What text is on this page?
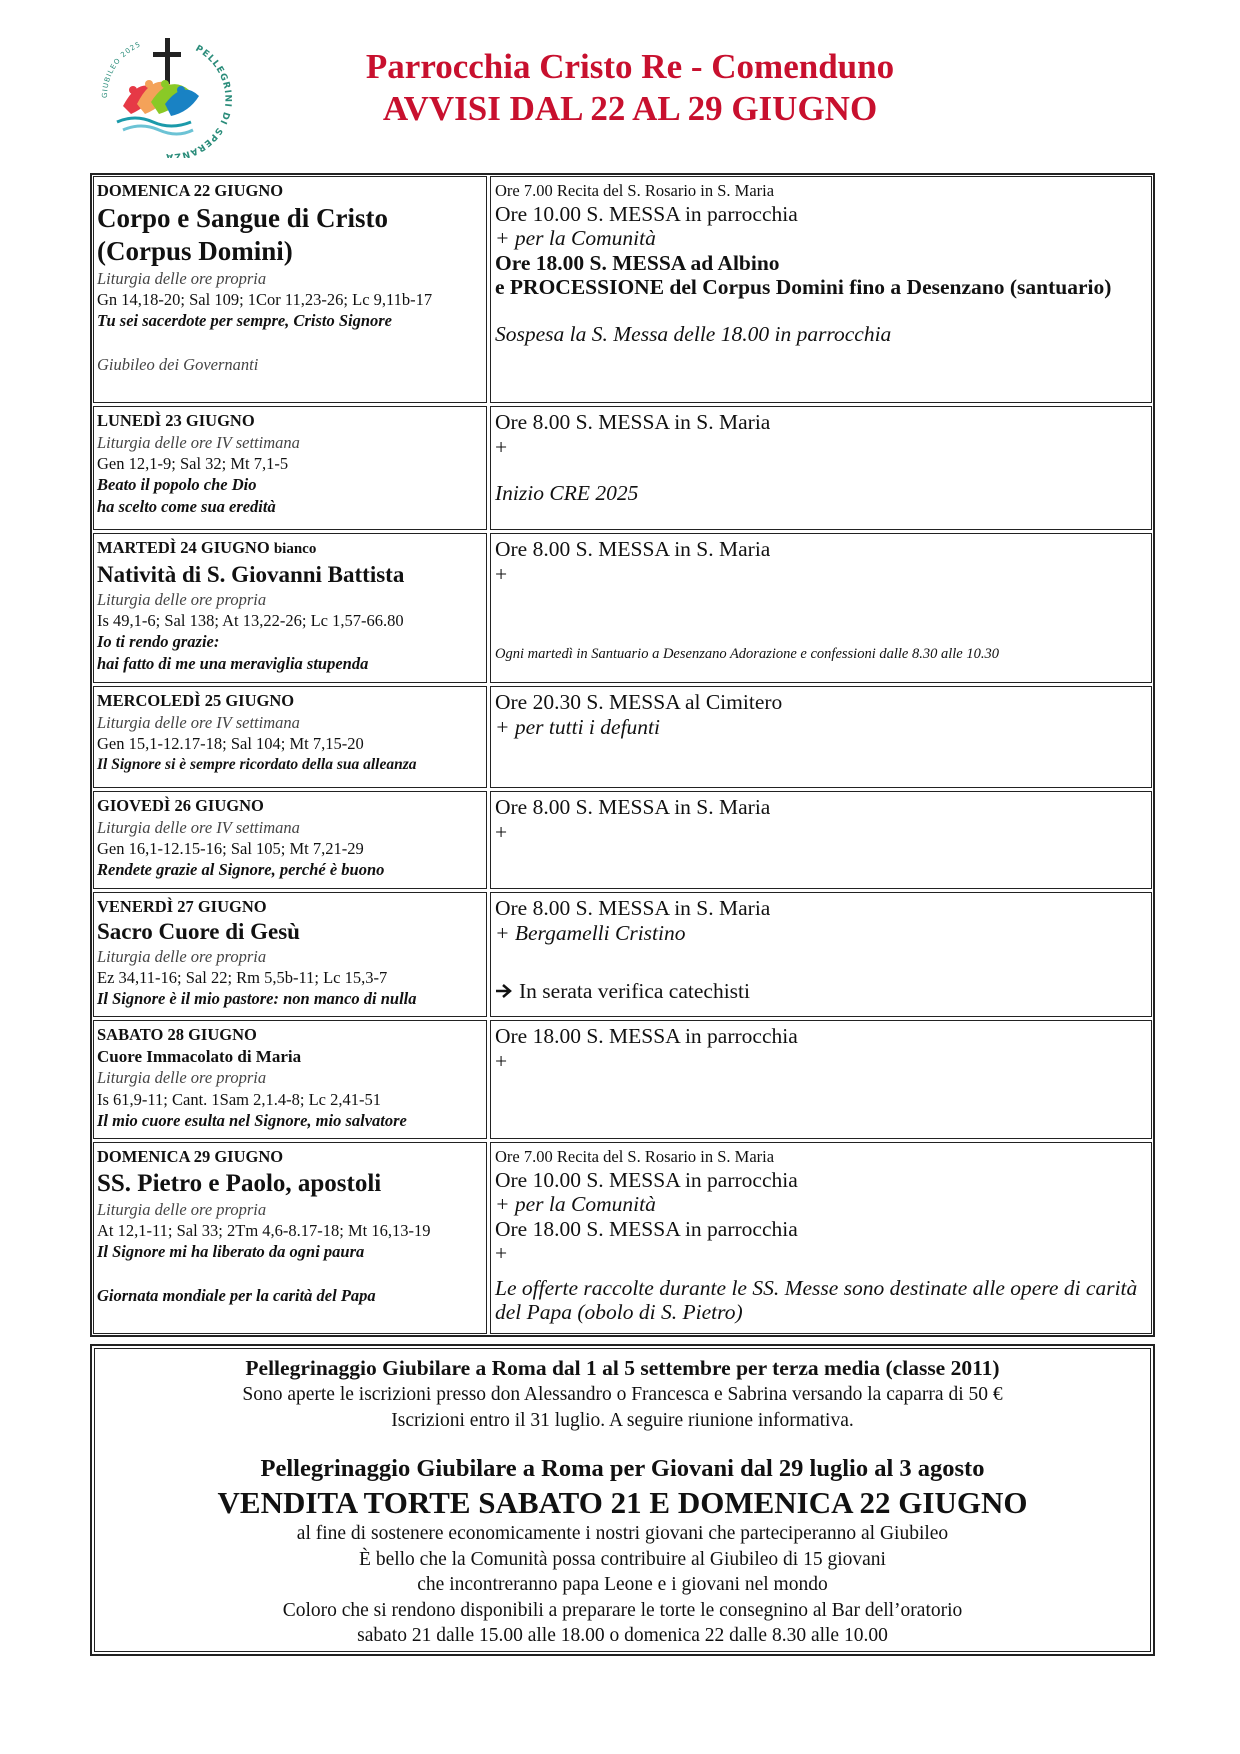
GIUBILEO 2025	PELLEGRINI DI SPERANZA
Parrocchia Cristo Re - Comenduno
AVVISI DAL 22 AL 29 GIUGNO
DOMENICA 22 GIUGNO
Corpo e Sangue di Cristo
(Corpus Domini)
Liturgia delle ore propria
Gn 14,18-20; Sal 109; 1Cor 11,23-26; Lc 9,11b-17
Tu sei sacerdote per sempre, Cristo Signore
Giubileo dei Governanti
Ore 7.00 Recita del S. Rosario in S. Maria
Ore 10.00 S. MESSA in parrocchia
+ per la Comunità
Ore 18.00 S. MESSA ad Albino
e PROCESSIONE del Corpus Domini fino a Desenzano (santuario)
Sospesa la S. Messa delle 18.00 in parrocchia
LUNEDÌ 23 GIUGNO
Liturgia delle ore IV settimana
Gen 12,1-9; Sal 32; Mt 7,1-5
Beato il popolo che Dio
ha scelto come sua eredità
Ore 8.00 S. MESSA in S. Maria
+
Inizio CRE 2025
MARTEDÌ 24 GIUGNO bianco
Natività di S. Giovanni Battista
Liturgia delle ore propria
Is 49,1-6; Sal 138; At 13,22-26; Lc 1,57-66.80
Io ti rendo grazie:
hai fatto di me una meraviglia stupenda
Ore 8.00 S. MESSA in S. Maria
+
Ogni martedì in Santuario a Desenzano Adorazione e confessioni dalle 8.30 alle 10.30
MERCOLEDÌ 25 GIUGNO
Liturgia delle ore IV settimana
Gen 15,1-12.17-18; Sal 104; Mt 7,15-20
Il Signore si è sempre ricordato della sua alleanza
Ore 20.30 S. MESSA al Cimitero
+ per tutti i defunti
GIOVEDÌ 26 GIUGNO
Liturgia delle ore IV settimana
Gen 16,1-12.15-16; Sal 105; Mt 7,21-29
Rendete grazie al Signore, perché è buono
Ore 8.00 S. MESSA in S. Maria
+
VENERDÌ 27 GIUGNO
Sacro Cuore di Gesù
Liturgia delle ore propria
Ez 34,11-16; Sal 22; Rm 5,5b-11; Lc 15,3-7
Il Signore è il mio pastore: non manco di nulla
Ore 8.00 S. MESSA in S. Maria
+ Bergamelli Cristino
In serata verifica catechisti
SABATO 28 GIUGNO
Cuore Immacolato di Maria
Liturgia delle ore propria
Is 61,9-11; Cant. 1Sam 2,1.4-8; Lc 2,41-51
Il mio cuore esulta nel Signore, mio salvatore
Ore 18.00 S. MESSA in parrocchia
+
DOMENICA 29 GIUGNO
SS. Pietro e Paolo, apostoli
Liturgia delle ore propria
At 12,1-11; Sal 33; 2Tm 4,6-8.17-18; Mt 16,13-19
Il Signore mi ha liberato da ogni paura
Giornata mondiale per la carità del Papa
Ore 7.00 Recita del S. Rosario in S. Maria
Ore 10.00 S. MESSA in parrocchia
+ per la Comunità
Ore 18.00 S. MESSA in parrocchia
+
Le offerte raccolte durante le SS. Messe sono destinate alle opere di carità del Papa (obolo di S. Pietro)
Pellegrinaggio Giubilare a Roma dal 1 al 5 settembre per terza media (classe 2011)
Sono aperte le iscrizioni presso don Alessandro o Francesca e Sabrina versando la caparra di 50 €
Iscrizioni entro il 31 luglio. A seguire riunione informativa.
Pellegrinaggio Giubilare a Roma per Giovani dal 29 luglio al 3 agosto
VENDITA TORTE SABATO 21 E DOMENICA 22 GIUGNO
al fine di sostenere economicamente i nostri giovani che parteciperanno al Giubileo
È bello che la Comunità possa contribuire al Giubileo di 15 giovani
che incontreranno papa Leone e i giovani nel mondo
Coloro che si rendono disponibili a preparare le torte le consegnino al Bar dell’oratorio
sabato 21 dalle 15.00 alle 18.00 o domenica 22 dalle 8.30 alle 10.00
